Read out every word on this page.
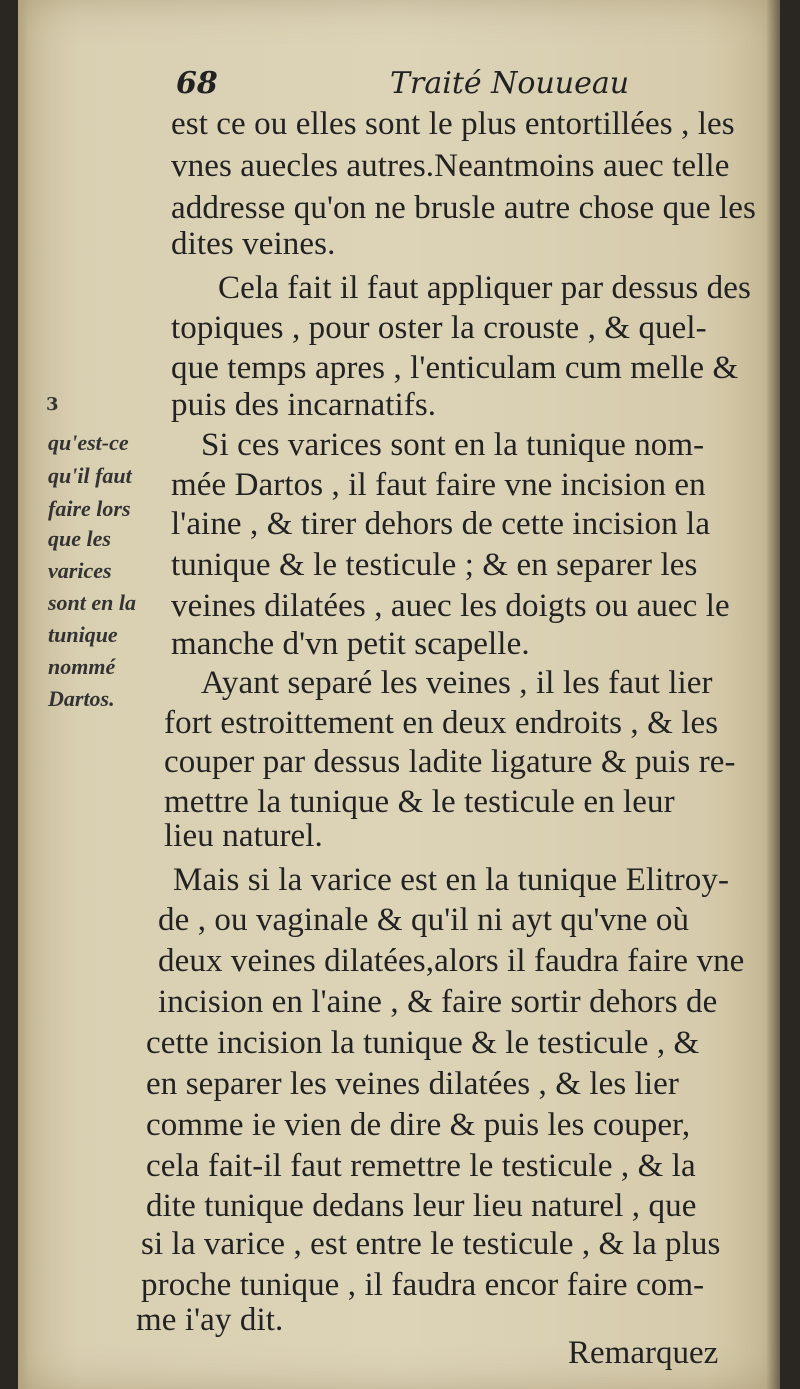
68	Traité Nouueau
est ce ou elles sont le plus entortillées , les
vnes auecles autres.Neantmoins auec telle
addresse qu'on ne brusle autre chose que les
dites veines.
Cela fait il faut appliquer par dessus des
topiques , pour oster la crouste , & quel-
que temps apres , l'enticulam cum melle &
puis des incarnatifs.
Si ces varices sont en la tunique nom-
mée Dartos , il faut faire vne incision en
l'aine , & tirer dehors de cette incision la
tunique & le testicule ; & en separer les
veines dilatées , auec les doigts ou auec le
manche d'vn petit scapelle.
Ayant separé les veines , il les faut lier
fort estroittement en deux endroits , & les
couper par dessus ladite ligature & puis re-
mettre la tunique & le testicule en leur
lieu naturel.
Mais si la varice est en la tunique Elitroy-
de , ou vaginale & qu'il ni ayt qu'vne où
deux veines dilatées,alors il faudra faire vne
incision en l'aine , & faire sortir dehors de
cette incision la tunique & le testicule , &
en separer les veines dilatées , & les lier
comme ie vien de dire & puis les couper,
cela fait-il faut remettre le testicule , & la
dite tunique dedans leur lieu naturel , que
si la varice , est entre le testicule , & la plus
proche tunique , il faudra encor faire com-
me i'ay dit.
3
qu'est-ce
qu'il faut
faire lors
que les
varices
sont en la
tunique
nommé
Dartos.
Remarquez
